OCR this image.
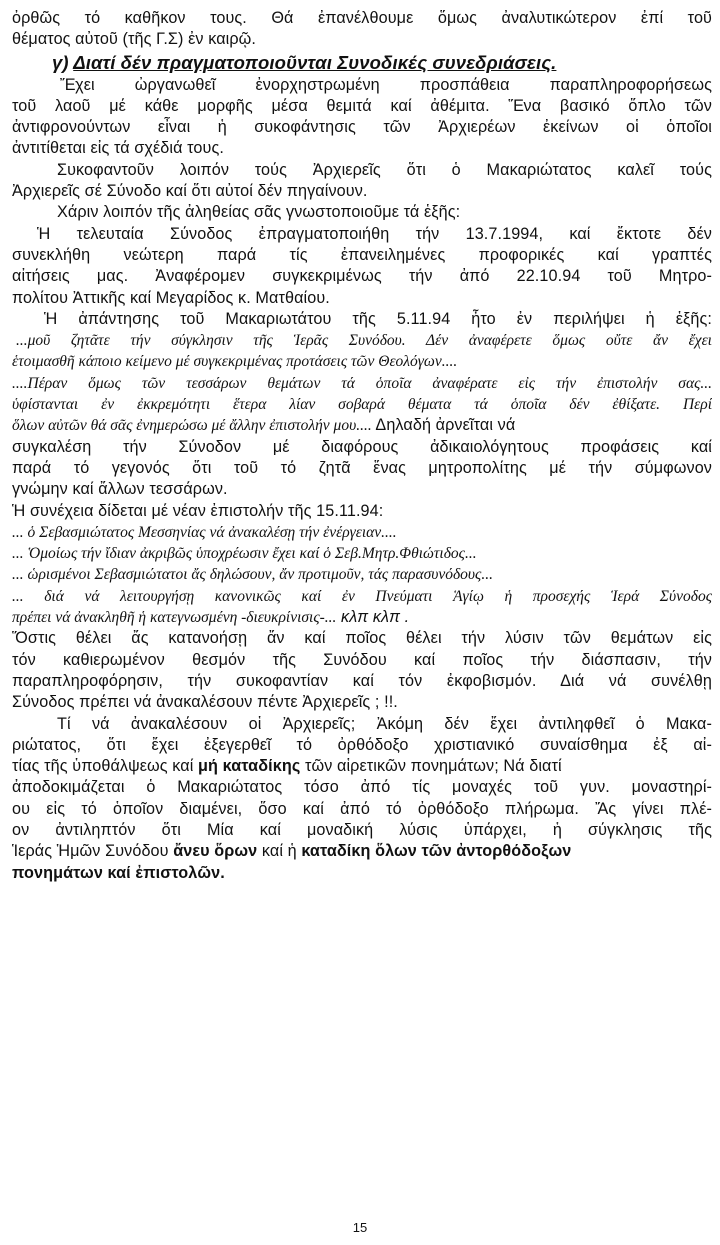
ὀρθῶς τό καθῆκον τους. Θά ἐπανέλθουμε ὅμως ἀναλυτικώτερον ἐπί τοῦ
θέματος αὐτοῦ (τῆς Γ.Σ) ἐν καιρῷ.
γ) Διατί δέν πραγματοποιοῦνται Συνοδικές συνεδριάσεις.
Ἔχει ὠργανωθεῖ ἐνορχηστρωμένη προσπάθεια παραπληροφορήσεως
τοῦ λαοῦ μέ κάθε μορφῆς μέσα θεμιτά καί ἀθέμιτα. Ἕνα βασικό ὅπλο τῶν
ἀντιφρονούντων εἶναι ἡ συκοφάντησις τῶν Ἀρχιερέων ἐκείνων οἱ ὁποῖοι
ἀντιτίθεται εἰς τά σχέδιά τους.
Συκοφαντοῦν λοιπόν τούς Ἀρχιερεῖς ὅτι ὁ Μακαριώτατος καλεῖ τούς
Ἀρχιερεῖς σέ Σύνοδο καί ὅτι αὐτοί δέν πηγαίνουν.
Χάριν λοιπόν τῆς ἀληθείας σᾶς γνωστοποιοῦμε τά ἑξῆς:
Ἡ τελευταία Σύνοδος ἐπραγματοποιήθη τήν 13.7.1994, καί ἔκτοτε δέν
συνεκλήθη νεώτερη παρά τίς ἐπανειλημένες προφορικές καί γραπτές
αἰτήσεις μας. Ἀναφέρομεν συγκεκριμένως τήν ἀπό 22.10.94 τοῦ Μητρο-
πολίτου Ἀττικῆς καί Μεγαρίδος κ. Ματθαίου.
Ἡ ἀπάντησης τοῦ Μακαριωτάτου τῆς 5.11.94 ἦτο ἐν περιλήψει ἡ ἑξῆς:
...μοῦ ζητᾶτε τήν σύγκλησιν τῆς Ἱερᾶς Συνόδου. Δέν ἀναφέρετε ὅμως οὔτε ἄν ἔχει
ἑτοιμασθῆ κάποιο κείμενο μέ συγκεκριμένας προτάσεις τῶν Θεολόγων....
....Πέραν ὅμως τῶν τεσσάρων θεμάτων τά ὁποῖα ἀναφέρατε εἰς τήν ἐπιστολήν σας...
ὑφίστανται ἐν ἐκκρεμότητι ἕτερα λίαν σοβαρά θέματα τά ὁποῖα δέν ἐθίξατε. Περί
ὅλων αὐτῶν θά σᾶς ἐνημερώσω μέ ἄλλην ἐπιστολήν μου.... Δηλαδή ἀρνεῖται νά
συγκαλέση τήν Σύνοδον μέ διαφόρους ἀδικαιολόγητους προφάσεις καί
παρά τό γεγονός ὅτι τοῦ τό ζητᾶ ἕνας μητροπολίτης μέ τήν σύμφωνον
γνώμην καί ἄλλων τεσσάρων.
Ἡ συνέχεια δίδεται μέ νέαν ἐπιστολήν τῆς 15.11.94:
... ὁ Σεβασμιώτατος Μεσσηνίας νά ἀνακαλέσῃ τήν ἐνέργειαν....
... Ὁμοίως τήν ἴδιαν ἀκριβῶς ὑποχρέωσιν ἔχει καί ὁ Σεβ.Μητρ.Φθιώτιδος...
... ὡρισμένοι Σεβασμιώτατοι ἄς δηλώσουν, ἄν προτιμοῦν, τάς παρασυνόδους...
... διά νά λειτουργήσῃ κανονικῶς καί ἐν Πνεύματι Ἁγίῳ ἡ προσεχής Ἱερά Σύνοδος
πρέπει νά ἀνακληθῆ ἡ κατεγνωσμένη -διευκρίνισις-... κλπ κλπ .
Ὅστις θέλει ἄς κατανοήσῃ ἄν καί ποῖος θέλει τήν λύσιν τῶν θεμάτων εἰς
τόν καθιερωμένον θεσμόν τῆς Συνόδου καί ποῖος τήν διάσπασιν, τήν
παραπληροφόρησιν, τήν συκοφαντίαν καί τόν ἐκφοβισμόν. Διά νά συνέλθῃ
Σύνοδος πρέπει νά ἀνακαλέσουν πέντε Ἀρχιερεῖς ; !!.
Τί νά ἀνακαλέσουν οἱ Ἀρχιερεῖς; Ἀκόμη δέν ἔχει ἀντιληφθεῖ ὁ Μακα-
ριώτατος, ὅτι ἔχει ἐξεγερθεῖ τό ὀρθόδοξο χριστιανικό συναίσθημα ἐξ αἰ-
τίας τῆς ὑποθάλψεως καί μή καταδίκης τῶν αἱρετικῶν πονημάτων; Νά διατί
ἀποδοκιμάζεται ὁ Μακαριώτατος τόσο ἀπό τίς μοναχές τοῦ γυν. μοναστηρί-
ου εἰς τό ὁποῖον διαμένει, ὅσο καί ἀπό τό ὀρθόδοξο πλήρωμα. Ἄς γίνει πλέ-
ον ἀντιληπτόν ὅτι Μία καί μοναδική λύσις ὑπάρχει, ἡ σύγκλησις τῆς
Ἱεράς Ἡμῶν Συνόδου ἄνευ ὅρων καί ἡ καταδίκη ὅλων τῶν ἀντορθόδοξων
πονημάτων καί ἐπιστολῶν.
15
